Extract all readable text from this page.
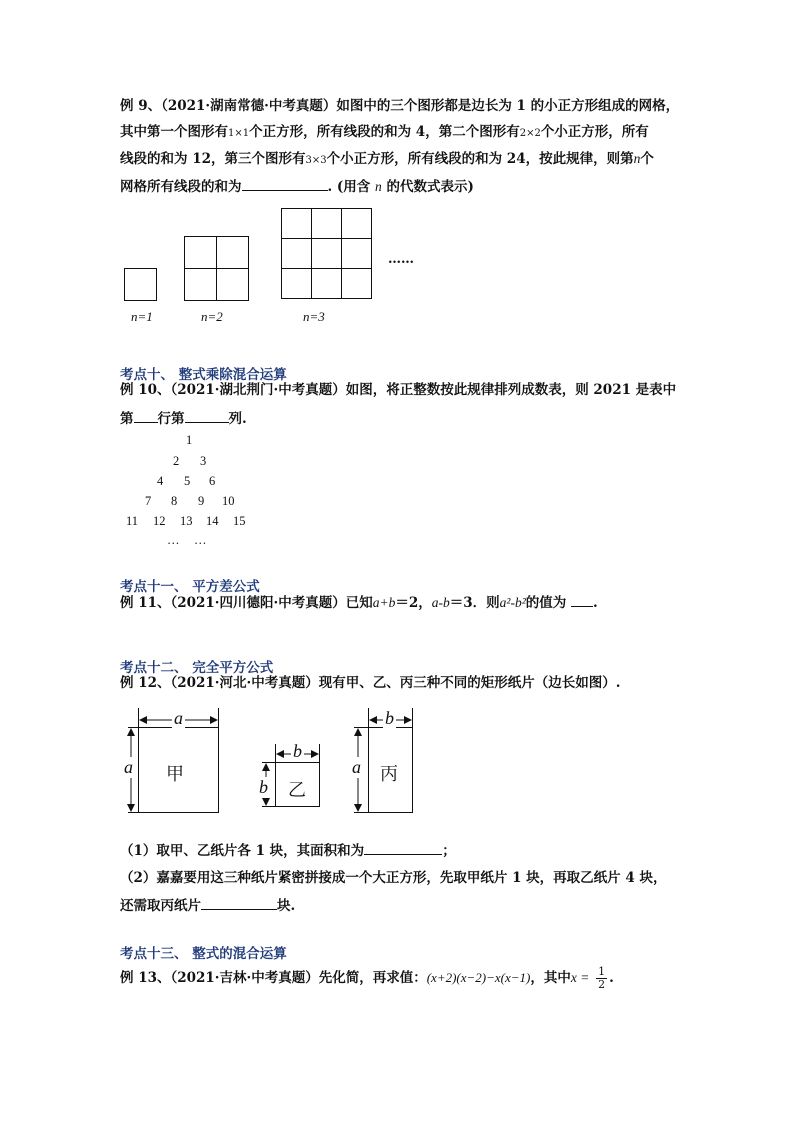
例 9、（2021·湖南常德·中考真题）如图中的三个图形都是边长为 1 的小正方形组成的网格，
其中第一个图形有1×1个正方形，所有线段的和为 4，第二个图形有2×2个小正方形，所有
线段的和为 12，第三个图形有3×3个小正方形，所有线段的和为 24，按此规律，则第n个
网格所有线段的和为	. (用含 n 的代数式表示)
……
n=1	n=2	n=3
考点十、 整式乘除混合运算
例 10、（2021·湖北荆门·中考真题）如图，将正整数按此规律排列成数表，则 2021 是表中
第 行第	列.
1
2 3
4 5 6
7 8 9 10
11 12 13 14 15
… …
考点十一、 平方差公式
例 11、（2021·四川德阳·中考真题）已知a+b＝2，a-b＝3．则a²-b²的值为 .
考点十二、 完全平方公式
例 12、（2021·河北·中考真题）现有甲、乙、丙三种不同的矩形纸片（边长如图）.
a
a 甲
b
b 乙
b
a 丙
（1）取甲、乙纸片各 1 块，其面积和为	；
（2）嘉嘉要用这三种纸片紧密拼接成一个大正方形，先取甲纸片 1 块，再取乙纸片 4 块，
还需取丙纸片	块.
考点十三、 整式的混合运算
例 13、（2021·吉林·中考真题）先化简，再求值：(x+2)(x−2)−x(x−1)，其中$x = \frac{1}{2}$ .
